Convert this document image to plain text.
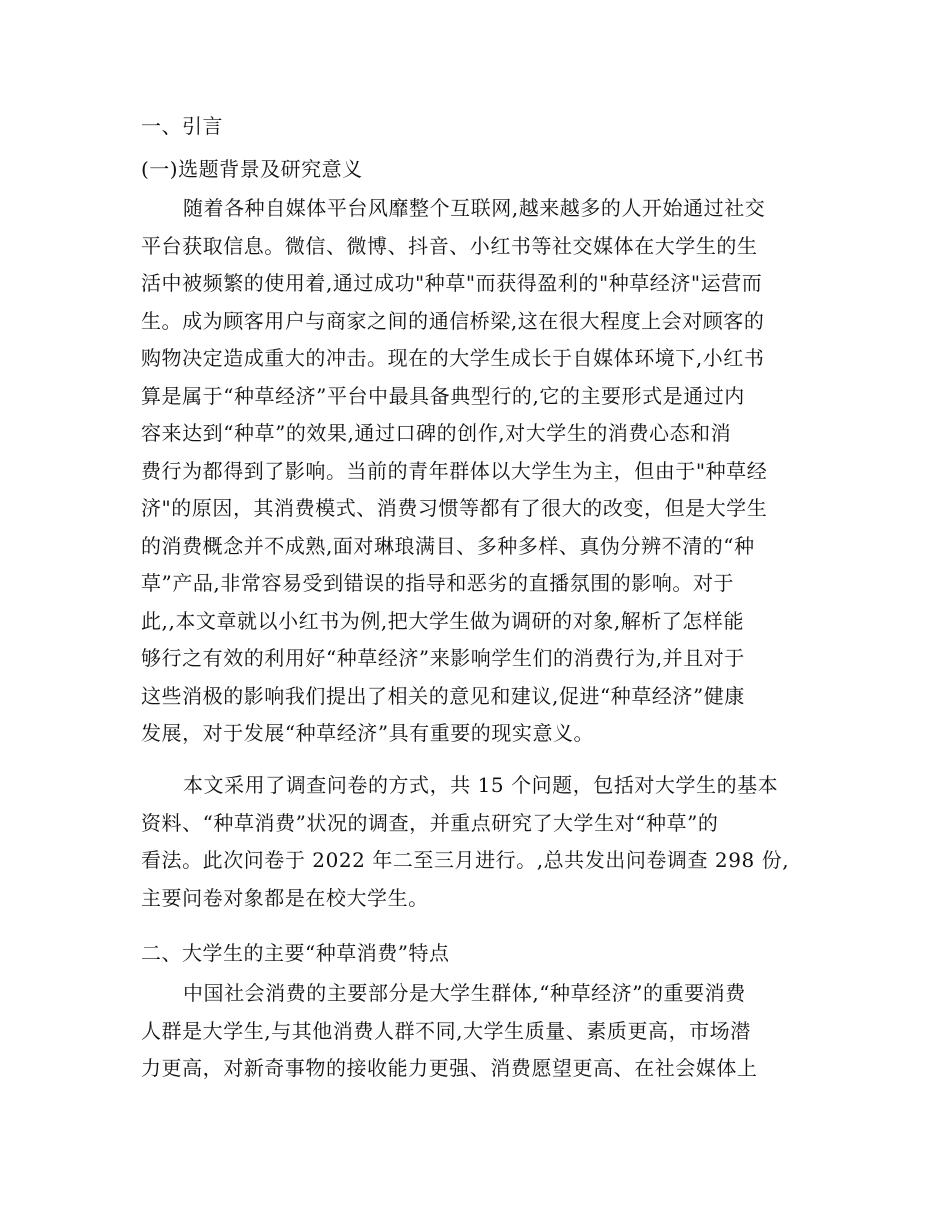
一、引言
(一)选题背景及研究意义
随着各种自媒体平台风靡整个互联网,越来越多的人开始通过社交
平台获取信息。微信、微博、抖音、小红书等社交媒体在大学生的生
活中被频繁的使用着,通过成功"种草"而获得盈利的"种草经济"运营而
生。成为顾客用户与商家之间的通信桥梁,这在很大程度上会对顾客的
购物决定造成重大的冲击。现在的大学生成长于自媒体环境下,小红书
算是属于“种草经济”平台中最具备典型行的,它的主要形式是通过内
容来达到“种草”的效果,通过口碑的创作,对大学生的消费心态和消
费行为都得到了影响。当前的青年群体以大学生为主，但由于"种草经
济"的原因，其消费模式、消费习惯等都有了很大的改变，但是大学生
的消费概念并不成熟,面对琳琅满目、多种多样、真伪分辨不清的“种
草”产品,非常容易受到错误的指导和恶劣的直播氛围的影响。对于
此,,本文章就以小红书为例,把大学生做为调研的对象,解析了怎样能
够行之有效的利用好“种草经济”来影响学生们的消费行为,并且对于
这些消极的影响我们提出了相关的意见和建议,促进“种草经济”健康
发展，对于发展“种草经济”具有重要的现实意义。
本文采用了调查问卷的方式，共 15 个问题，包括对大学生的基本
资料、“种草消费”状况的调查，并重点研究了大学生对“种草”的
看法。此次问卷于 2022 年二至三月进行。,总共发出问卷调查 298 份,
主要问卷对象都是在校大学生。
二、大学生的主要“种草消费”特点
中国社会消费的主要部分是大学生群体,“种草经济”的重要消费
人群是大学生,与其他消费人群不同,大学生质量、素质更高，市场潜
力更高，对新奇事物的接收能力更强、消费愿望更高、在社会媒体上
